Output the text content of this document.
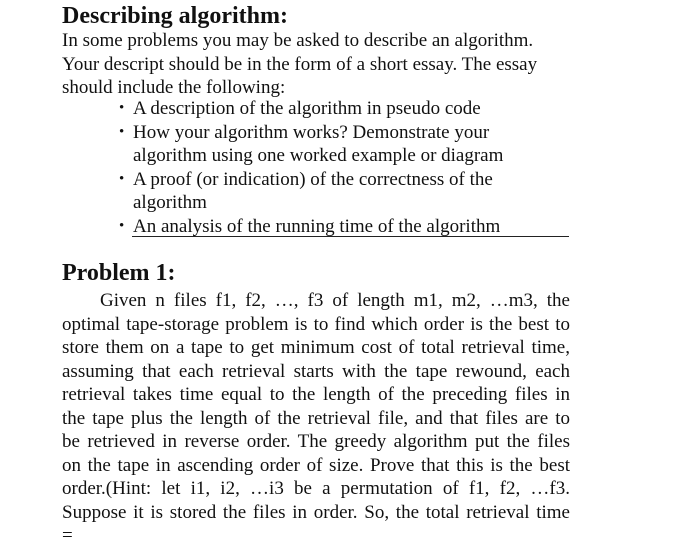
Describing algorithm:

In some problems you may be asked to describe an algorithm.
Your descript should be in the form of a short essay. The essay
should include the following:

• A description of the algorithm in pseudo code
• How your algorithm works? Demonstrate your
algorithm using one worked example or diagram
• A proof (or indication) of the correctness of the
algorithm
• An analysis of the running time of the algorithm
Problem 1:

Given n files f1, f2, …, f3 of length m1, m2, …m3, the
optimal tape-storage problem is to find which order is the best to
store them on a tape to get minimum cost of total retrieval time,
assuming that each retrieval starts with the tape rewound, each
retrieval takes time equal to the length of the preceding files in
the tape plus the length of the retrieval file, and that files are to
be retrieved in reverse order. The greedy algorithm put the files
on the tape in ascending order of size. Prove that this is the best
order.(Hint: let i1, i2, …i3 be a permutation of f1, f2, …f3.
Suppose it is stored the files in order. So, the total retrieval time
=
